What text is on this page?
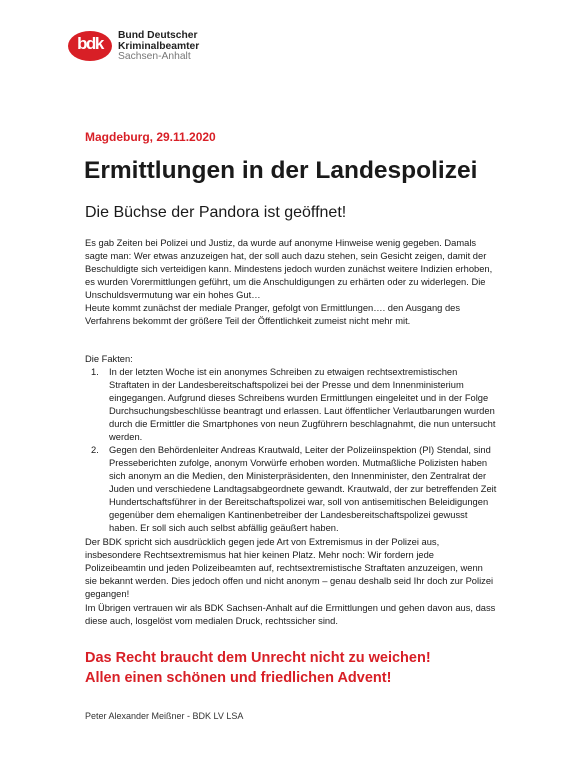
bdk	Bund Deutscher
Kriminalbeamter
Sachsen-Anhalt
Magdeburg, 29.11.2020
Ermittlungen in der Landespolizei
Die Büchse der Pandora ist geöffnet!

Es gab Zeiten bei Polizei und Justiz, da wurde auf anonyme Hinweise wenig gegeben. Damals sagte man: Wer etwas anzuzeigen hat, der soll auch dazu stehen, sein Gesicht zeigen, damit der Beschuldigte sich verteidigen kann. Mindestens jedoch wurden zunächst weitere Indizien erhoben, es wurden Vorermittlungen geführt, um die Anschuldigungen zu erhärten oder zu widerlegen. Die Unschuldsvermutung war ein hohes Gut…

Heute kommt zunächst der mediale Pranger, gefolgt von Ermittlungen…. den Ausgang des Verfahrens bekommt der größere Teil der Öffentlichkeit zumeist nicht mehr mit.

Die Fakten:

1. In der letzten Woche ist ein anonymes Schreiben zu etwaigen rechtsextremistischen Straftaten in der Landesbereitschaftspolizei bei der Presse und dem Innenministerium eingegangen. Aufgrund dieses Schreibens wurden Ermittlungen eingeleitet und in der Folge Durchsuchungsbeschlüsse beantragt und erlassen. Laut öffentlicher Verlautbarungen wurden durch die Ermittler die Smartphones von neun Zugführern beschlagnahmt, die nun untersucht werden.
2. Gegen den Behördenleiter Andreas Krautwald, Leiter der Polizeiinspektion (PI) Stendal, sind Presseberichten zufolge, anonym Vorwürfe erhoben worden. Mutmaßliche Polizisten haben sich anonym an die Medien, den Ministerpräsidenten, den Innenminister, den Zentralrat der Juden und verschiedene Landtagsabgeordnete gewandt. Krautwald, der zur betreffenden Zeit Hundertschaftsführer in der Bereitschaftspolizei war, soll von antisemitischen Beleidigungen gegenüber dem ehemaligen Kantinenbetreiber der Landesbereitschaftspolizei gewusst haben. Er soll sich auch selbst abfällig geäußert haben.

Der BDK spricht sich ausdrücklich gegen jede Art von Extremismus in der Polizei aus, insbesondere Rechtsextremismus hat hier keinen Platz. Mehr noch: Wir fordern jede Polizeibeamtin und jeden Polizeibeamten auf, rechtsextremistische Straftaten anzuzeigen, wenn sie bekannt werden. Dies jedoch offen und nicht anonym – genau deshalb seid Ihr doch zur Polizei gegangen!

Im Übrigen vertrauen wir als BDK Sachsen-Anhalt auf die Ermittlungen und gehen davon aus, dass diese auch, losgelöst vom medialen Druck, rechtssicher sind.

Das Recht braucht dem Unrecht nicht zu weichen!
Allen einen schönen und friedlichen Advent!
Peter Alexander Meißner - BDK LV LSA
